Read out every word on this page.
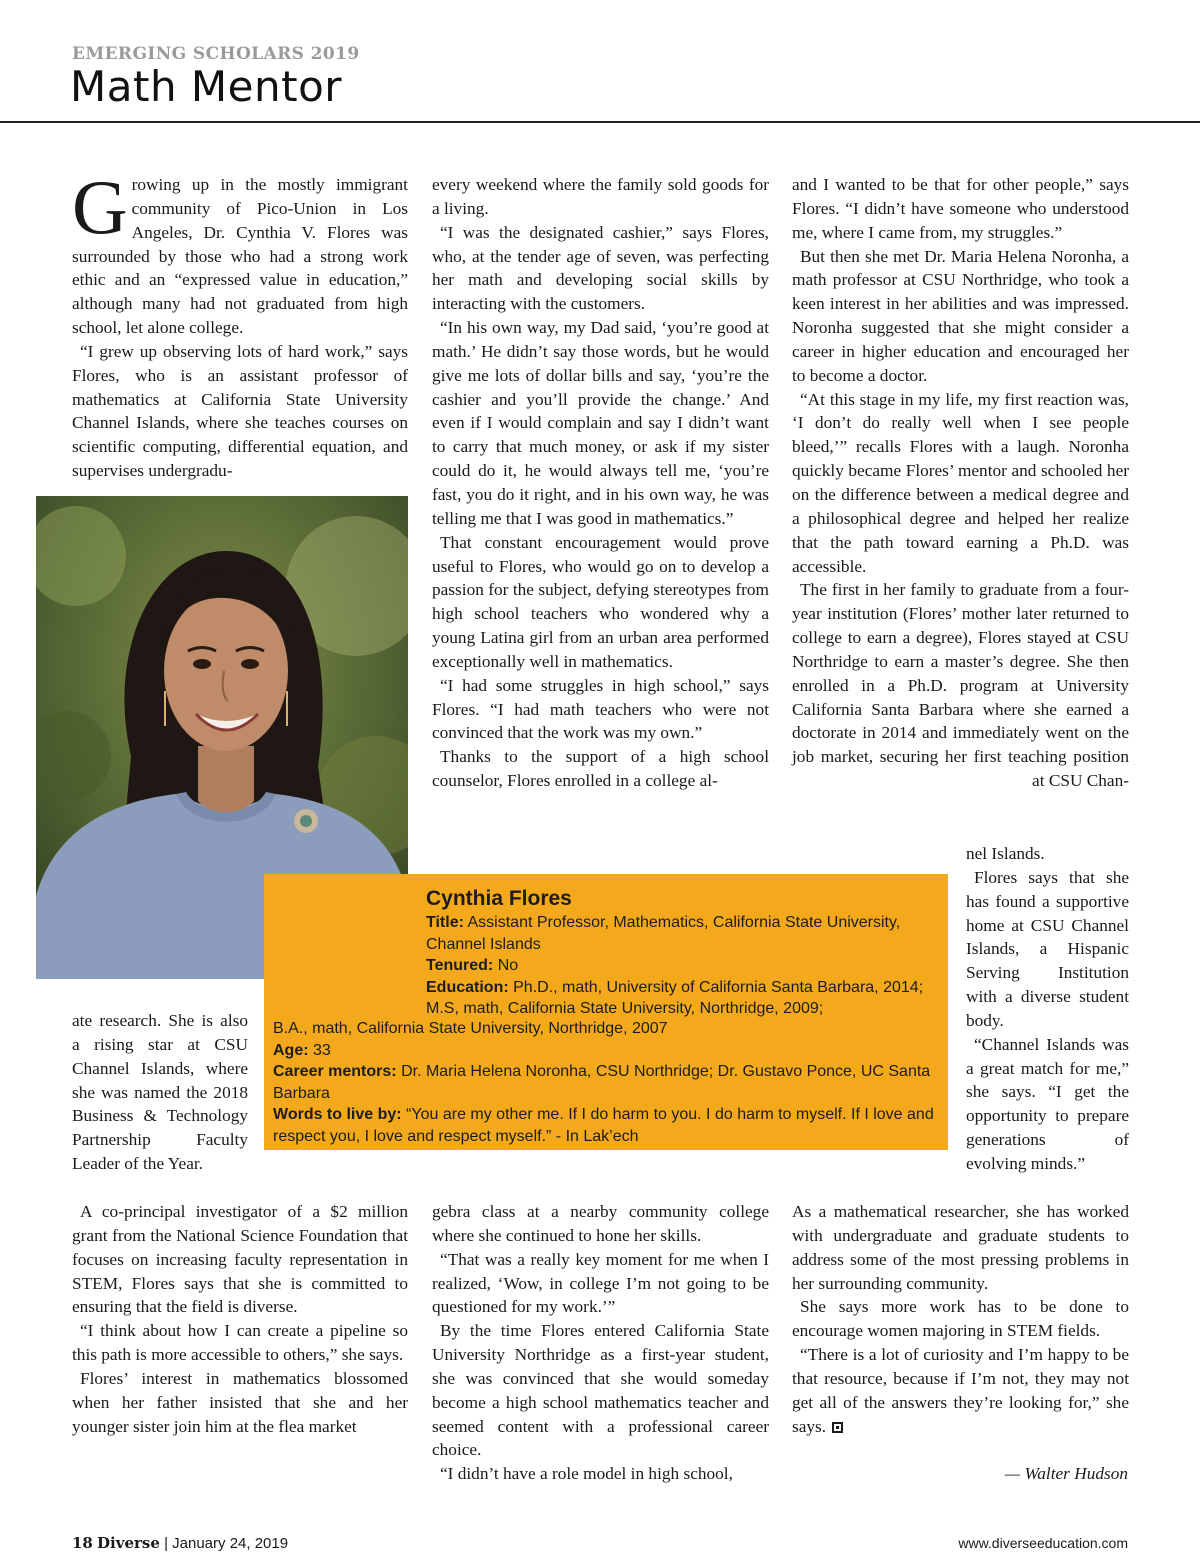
EMERGING SCHOLARS 2019
Math Mentor

Growing up in the mostly immigrant community of Pico-Union in Los Angeles, Dr. Cynthia V. Flores was surrounded by those who had a strong work ethic and an “expressed value in education,” although many had not graduated from high school, let alone college.

“I grew up observing lots of hard work,” says Flores, who is an assistant professor of mathematics at California State University Channel Islands, where she teaches courses on scientific computing, differential equation, and supervises undergradu-

ate research. She is also a rising star at CSU Channel Islands, where she was named the 2018 Business & Technology Partnership Faculty Leader of the Year.

A co-principal investigator of a $2 million grant from the National Science Foundation that focuses on increasing faculty representation in STEM, Flores says that she is committed to ensuring that the field is diverse.

“I think about how I can create a pipeline so this path is more accessible to others,” she says.

Flores’ interest in mathematics blossomed when her father insisted that she and her younger sister join him at the flea market

every weekend where the family sold goods for a living.

“I was the designated cashier,” says Flores, who, at the tender age of seven, was perfecting her math and developing social skills by interacting with the customers.

“In his own way, my Dad said, ‘you’re good at math.’ He didn’t say those words, but he would give me lots of dollar bills and say, ‘you’re the cashier and you’ll provide the change.’ And even if I would complain and say I didn’t want to carry that much money, or ask if my sister could do it, he would always tell me, ‘you’re fast, you do it right, and in his own way, he was telling me that I was good in mathematics.”

That constant encouragement would prove useful to Flores, who would go on to develop a passion for the subject, defying stereotypes from high school teachers who wondered why a young Latina girl from an urban area performed exceptionally well in mathematics.

“I had some struggles in high school,” says Flores. “I had math teachers who were not convinced that the work was my own.”

Thanks to the support of a high school counselor, Flores enrolled in a college al-

gebra class at a nearby community college where she continued to hone her skills.

“That was a really key moment for me when I realized, ‘Wow, in college I’m not going to be questioned for my work.’”

By the time Flores entered California State University Northridge as a first-year student, she was convinced that she would someday become a high school mathematics teacher and seemed content with a professional career choice.

“I didn’t have a role model in high school,

and I wanted to be that for other people,” says Flores. “I didn’t have someone who understood me, where I came from, my struggles.”

But then she met Dr. Maria Helena Noronha, a math professor at CSU Northridge, who took a keen interest in her abilities and was impressed. Noronha suggested that she might consider a career in higher education and encouraged her to become a doctor.

“At this stage in my life, my first reaction was, ‘I don’t do really well when I see people bleed,’” recalls Flores with a laugh. Noronha quickly became Flores’ mentor and schooled her on the difference between a medical degree and a philosophical degree and helped her realize that the path toward earning a Ph.D. was accessible.

The first in her family to graduate from a four-year institution (Flores’ mother later returned to college to earn a degree), Flores stayed at CSU Northridge to earn a master’s degree. She then enrolled in a Ph.D. program at University California Santa Barbara where she earned a doctorate in 2014 and immediately went on the job market, securing her first teaching position at CSU Chan-

nel Islands.

Flores says that she has found a supportive home at CSU Channel Islands, a Hispanic Serving Institution with a diverse student body.

“Channel Islands was a great match for me,” she says. “I get the opportunity to prepare generations of evolving minds.”

As a mathematical researcher, she has worked with undergraduate and graduate students to address some of the most pressing problems in her surrounding community.

She says more work has to be done to encourage women majoring in STEM fields.

“There is a lot of curiosity and I’m happy to be that resource, because if I’m not, they may not get all of the answers they’re looking for,” she says.

— Walter Hudson
Cynthia Flores
Title: Assistant Professor, Mathematics, California State University, Channel Islands
Tenured: No
Education: Ph.D., math, University of California Santa Barbara, 2014; M.S, math, California State University, Northridge, 2009;
B.A., math, California State University, Northridge, 2007
Age: 33
Career mentors: Dr. Maria Helena Noronha, CSU Northridge; Dr. Gustavo Ponce, UC Santa Barbara
Words to live by: “You are my other me. If I do harm to you. I do harm to myself. If I love and respect you, I love and respect myself.” - In Lak’ech
18 Diverse | January 24, 2019	www.diverseeducation.com
